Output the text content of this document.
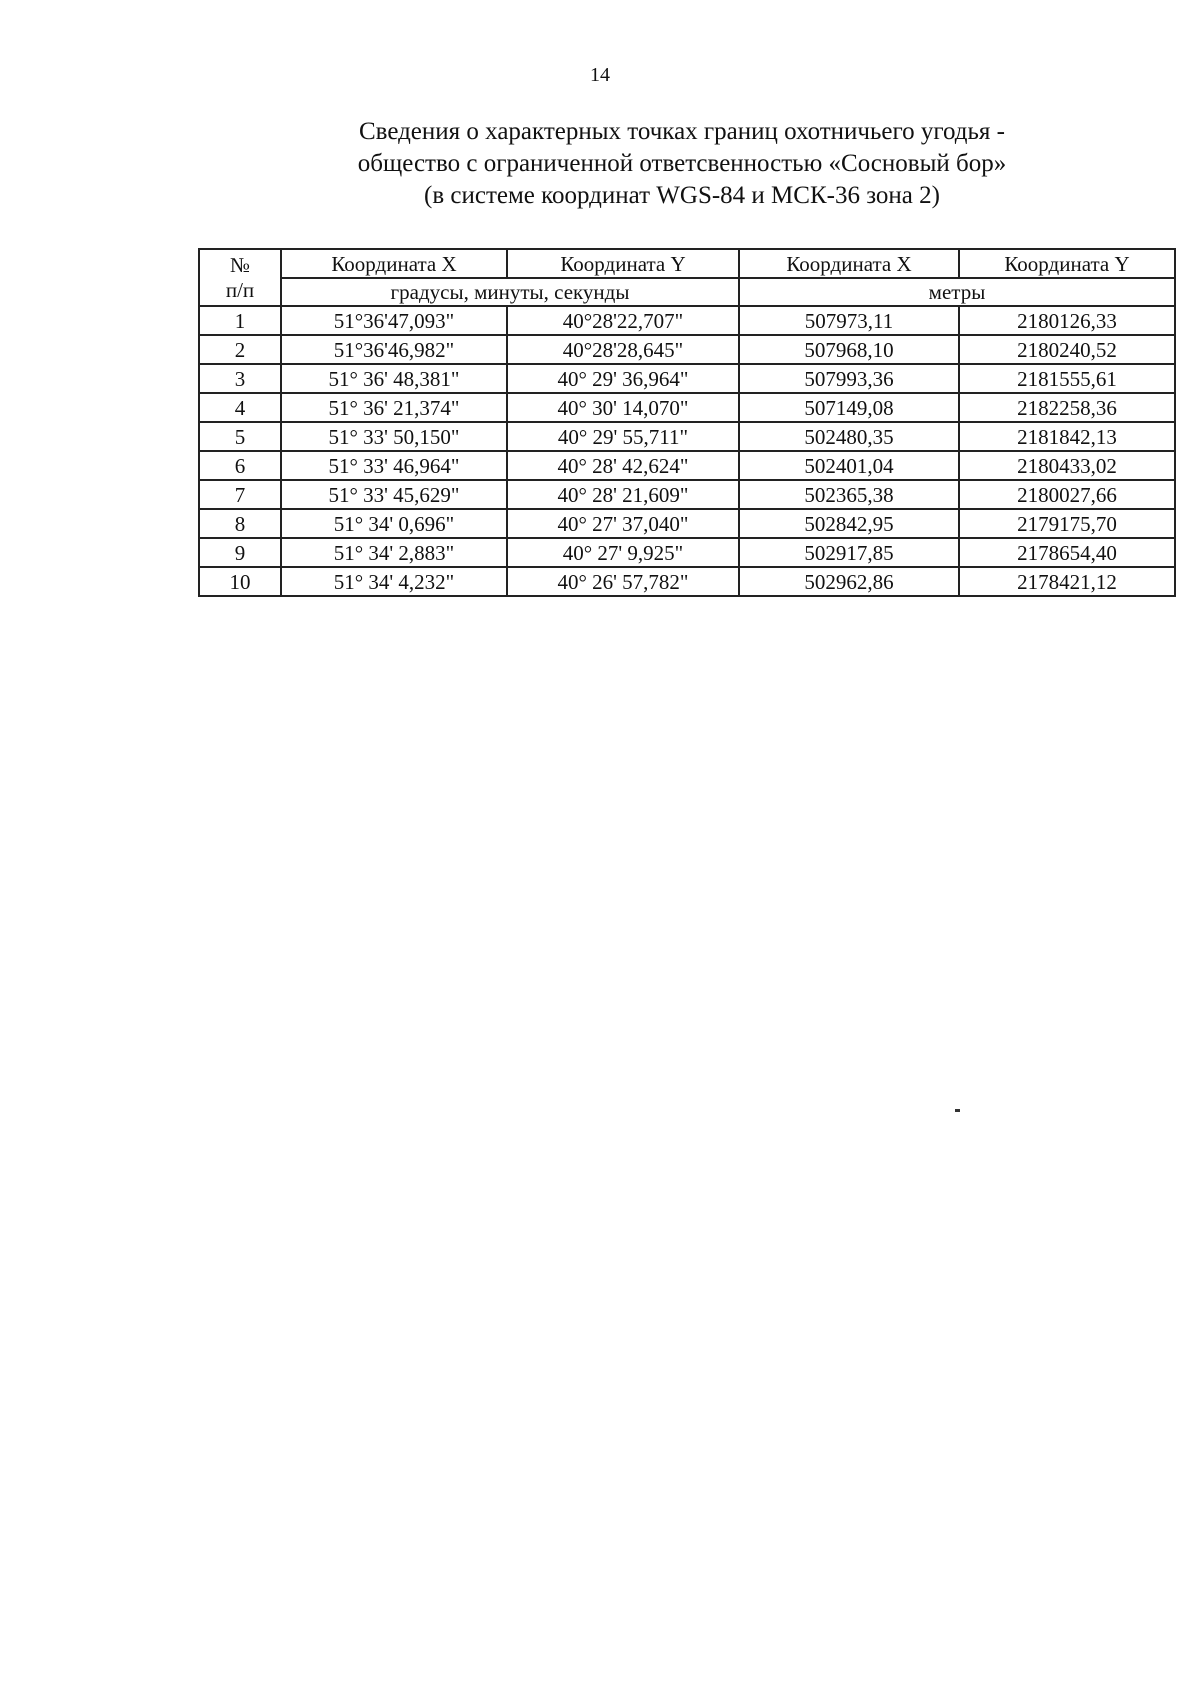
14
Сведения о характерных точках границ охотничьего угодья -
общество с ограниченной ответсвенностью «Сосновый бор»
(в системе координат WGS-84 и МСК-36 зона 2)
№
п/п	Координата X	Координата Y	Координата X	Координата Y
	градусы, минуты, секунды		метры	
1	51°36'47,093"	40°28'22,707"	507973,11	2180126,33
2	51°36'46,982"	40°28'28,645"	507968,10	2180240,52
3	51° 36' 48,381"	40° 29' 36,964"	507993,36	2181555,61
4	51° 36' 21,374"	40° 30' 14,070"	507149,08	2182258,36
5	51° 33' 50,150"	40° 29' 55,711"	502480,35	2181842,13
6	51° 33' 46,964"	40° 28' 42,624"	502401,04	2180433,02
7	51° 33' 45,629"	40° 28' 21,609"	502365,38	2180027,66
8	51° 34' 0,696"	40° 27' 37,040"	502842,95	2179175,70
9	51° 34' 2,883"	40° 27' 9,925"	502917,85	2178654,40
10	51° 34' 4,232"	40° 26' 57,782"	502962,86	2178421,12
